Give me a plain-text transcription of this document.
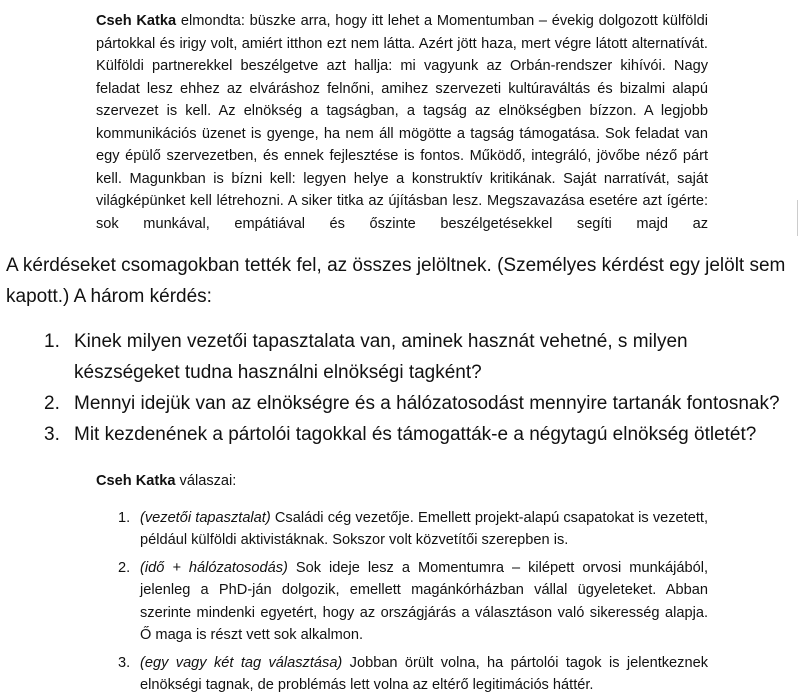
Cseh Katka elmondta: büszke arra, hogy itt lehet a Momentumban – évekig dolgozott külföldi pártokkal és irigy volt, amiért itthon ezt nem látta. Azért jött haza, mert végre látott alternatívát. Külföldi partnerekkel beszélgetve azt hallja: mi vagyunk az Orbán-rendszer kihívói. Nagy feladat lesz ehhez az elváráshoz felnőni, amihez szervezeti kultúraváltás és bizalmi alapú szervezet is kell. Az elnökség a tagságban, a tagság az elnökségben bízzon. A legjobb kommunikációs üzenet is gyenge, ha nem áll mögötte a tagság támogatása. Sok feladat van egy épülő szervezetben, és ennek fejlesztése is fontos. Működő, integráló, jövőbe néző párt kell. Magunkban is bízni kell: legyen helye a konstruktív kritikának. Saját narratívát, saját világképünket kell létrehozni. A siker titka az újításban lesz. Megszavazása esetére azt ígérte: sok munkával, empátiával és őszinte beszélgetésekkel segíti majd az

A kérdéseket csomagokban tették fel, az összes jelöltnek. (Személyes kérdést egy jelölt sem kapott.) A három kérdés:

1. Kinek milyen vezetői tapasztalata van, aminek hasznát vehetné, s milyen készségeket tudna használni elnökségi tagként?
2. Mennyi idejük van az elnökségre és a hálózatosodást mennyire tartanák fontosnak?
3. Mit kezdenének a pártolói tagokkal és támogatták-e a négytagú elnökség ötletét?

Cseh Katka válaszai:

1. (vezetői tapasztalat) Családi cég vezetője. Emellett projekt-alapú csapatokat is vezetett, például külföldi aktivistáknak. Sokszor volt közvetítői szerepben is.
2. (idő + hálózatosodás) Sok ideje lesz a Momentumra – kilépett orvosi munkájából, jelenleg a PhD-ján dolgozik, emellett magánkórházban vállal ügyeleteket. Abban szerinte mindenki egyetért, hogy az országjárás a választáson való sikeresség alapja. Ő maga is részt vett sok alkalmon.
3. (egy vagy két tag választása) Jobban örült volna, ha pártolói tagok is jelentkeznek elnökségi tagnak, de problémás lett volna az eltérő legitimációs háttér.
